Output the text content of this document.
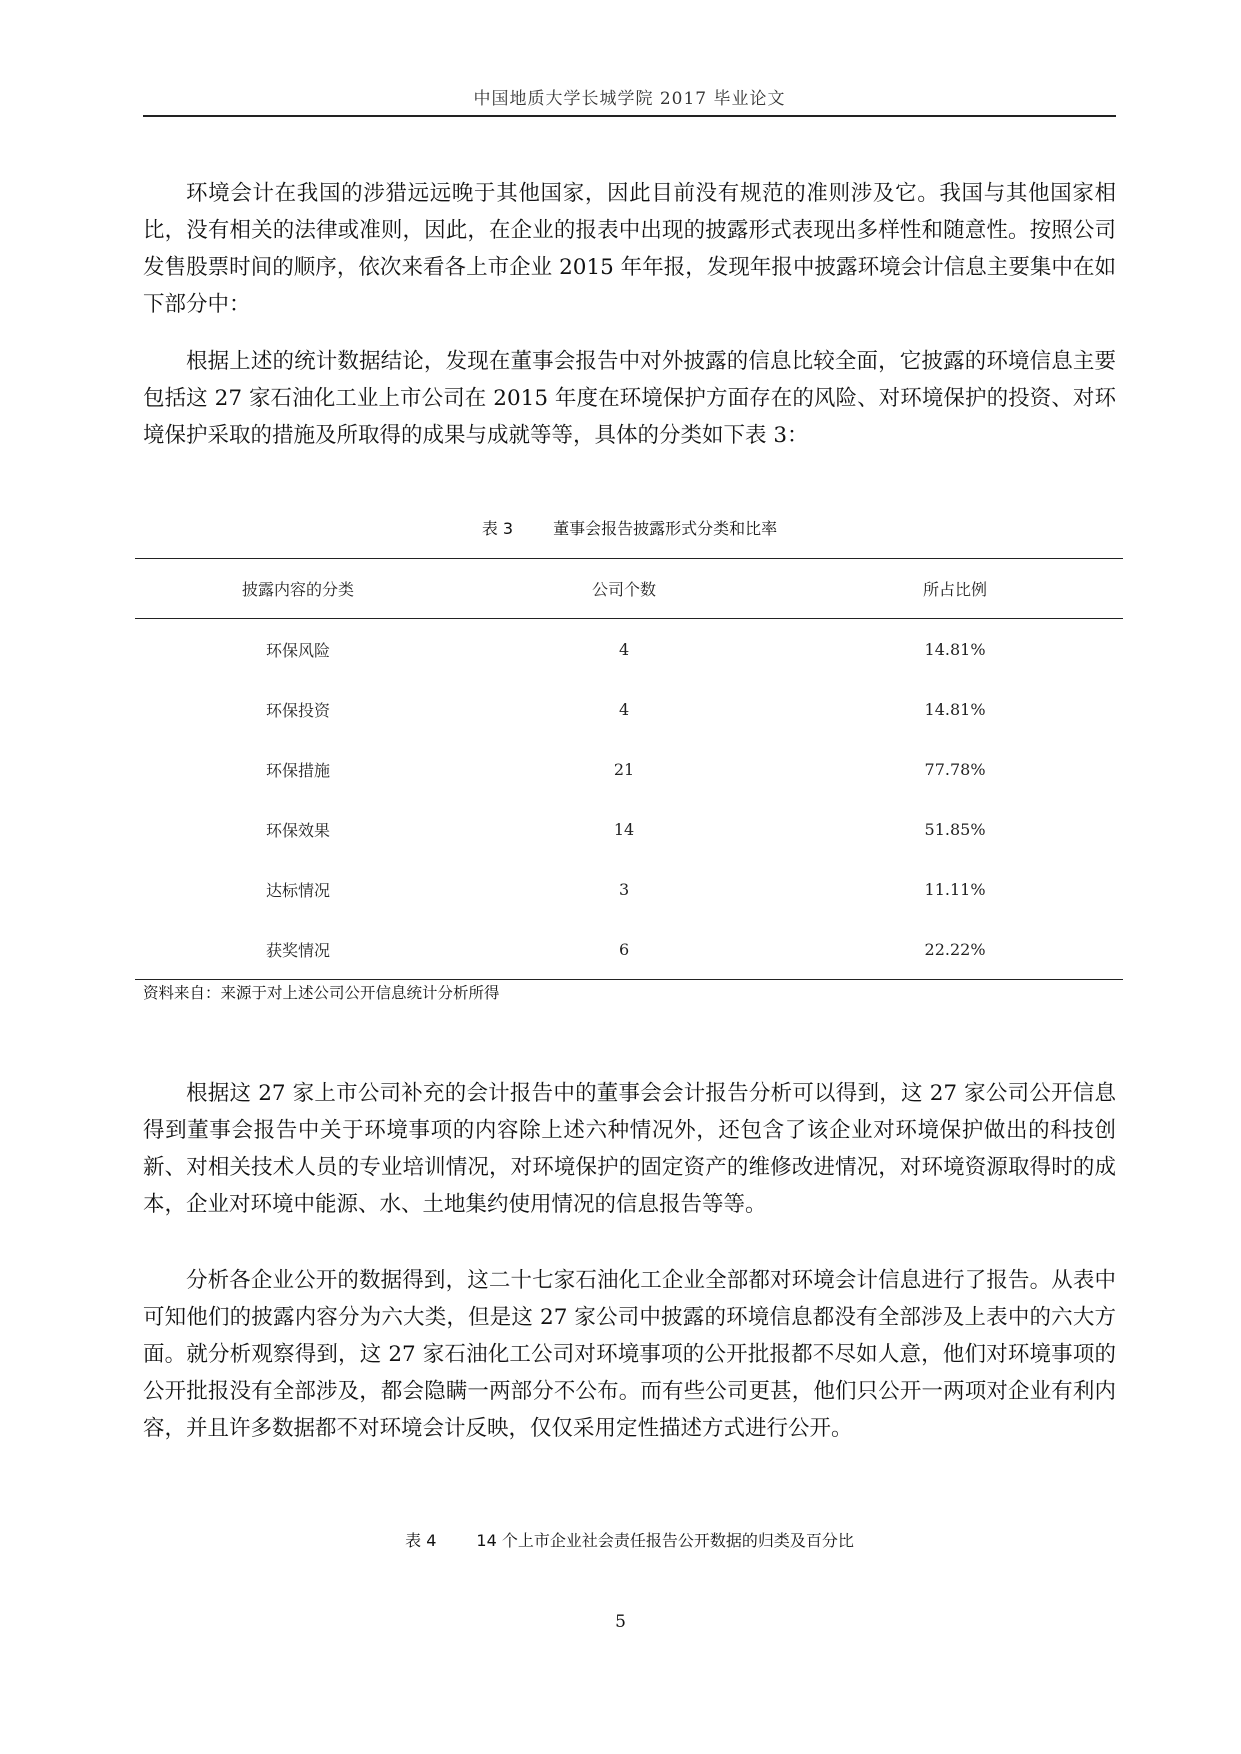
中国地质大学长城学院 2017 毕业论文

环境会计在我国的涉猎远远晚于其他国家，因此目前没有规范的准则涉及它。我国与其他国家相比，没有相关的法律或准则，因此，在企业的报表中出现的披露形式表现出多样性和随意性。按照公司发售股票时间的顺序，依次来看各上市企业 2015 年年报，发现年报中披露环境会计信息主要集中在如下部分中：

根据上述的统计数据结论，发现在董事会报告中对外披露的信息比较全面，它披露的环境信息主要包括这 27 家石油化工业上市公司在 2015 年度在环境保护方面存在的风险、对环境保护的投资、对环境保护采取的措施及所取得的成果与成就等等，具体的分类如下表 3：

表 3	董事会报告披露形式分类和比率
披露内容的分类	公司个数	所占比例
环保风险	4	14.81%
环保投资	4	14.81%
环保措施	21	77.78%
环保效果	14	51.85%
达标情况	3	11.11%
获奖情况	6	22.22%
资料来自：来源于对上述公司公开信息统计分析所得

根据这 27 家上市公司补充的会计报告中的董事会会计报告分析可以得到，这 27 家公司公开信息得到董事会报告中关于环境事项的内容除上述六种情况外，还包含了该企业对环境保护做出的科技创新、对相关技术人员的专业培训情况，对环境保护的固定资产的维修改进情况，对环境资源取得时的成本，企业对环境中能源、水、土地集约使用情况的信息报告等等。

分析各企业公开的数据得到，这二十七家石油化工企业全部都对环境会计信息进行了报告。从表中可知他们的披露内容分为六大类，但是这 27 家公司中披露的环境信息都没有全部涉及上表中的六大方面。就分析观察得到，这 27 家石油化工公司对环境事项的公开批报都不尽如人意，他们对环境事项的公开批报没有全部涉及，都会隐瞒一两部分不公布。而有些公司更甚，他们只公开一两项对企业有利内容，并且许多数据都不对环境会计反映，仅仅采用定性描述方式进行公开。

表 4	14 个上市企业社会责任报告公开数据的归类及百分比
5
